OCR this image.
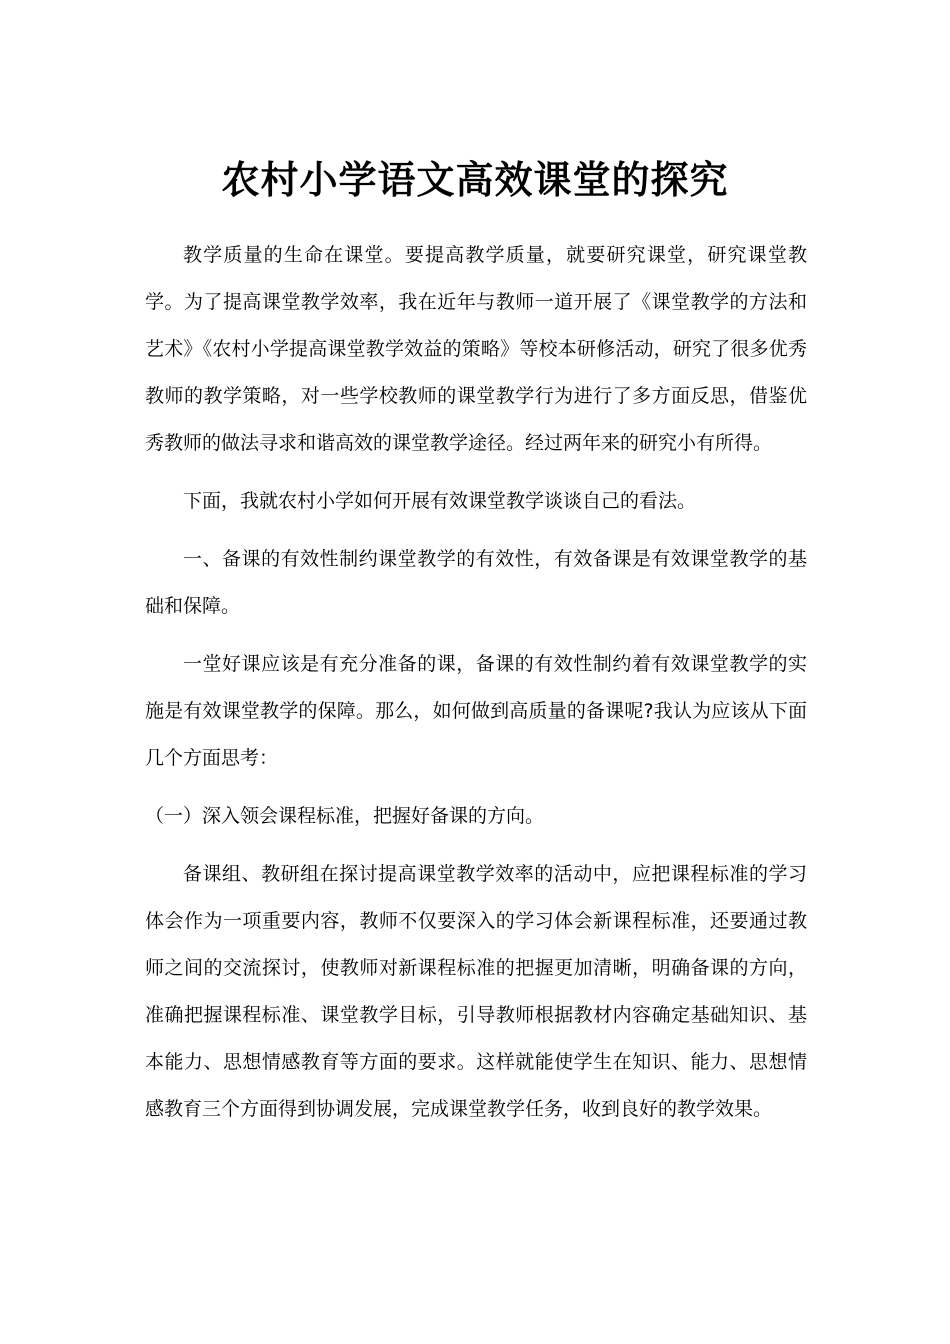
农村小学语文高效课堂的探究

教学质量的生命在课堂。要提高教学质量，就要研究课堂，研究课堂教学。为了提高课堂教学效率，我在近年与教师一道开展了《课堂教学的方法和艺术》《农村小学提高课堂教学效益的策略》等校本研修活动，研究了很多优秀教师的教学策略，对一些学校教师的课堂教学行为进行了多方面反思，借鉴优秀教师的做法寻求和谐高效的课堂教学途径。经过两年来的研究小有所得。

下面，我就农村小学如何开展有效课堂教学谈谈自己的看法。

一、备课的有效性制约课堂教学的有效性，有效备课是有效课堂教学的基础和保障。

一堂好课应该是有充分准备的课，备课的有效性制约着有效课堂教学的实施是有效课堂教学的保障。那么，如何做到高质量的备课呢?我认为应该从下面几个方面思考：

（一）深入领会课程标准，把握好备课的方向。

备课组、教研组在探讨提高课堂教学效率的活动中，应把课程标准的学习体会作为一项重要内容，教师不仅要深入的学习体会新课程标准，还要通过教师之间的交流探讨，使教师对新课程标准的把握更加清晰，明确备课的方向，准确把握课程标准、课堂教学目标，引导教师根据教材内容确定基础知识、基本能力、思想情感教育等方面的要求。这样就能使学生在知识、能力、思想情感教育三个方面得到协调发展，完成课堂教学任务，收到良好的教学效果。
